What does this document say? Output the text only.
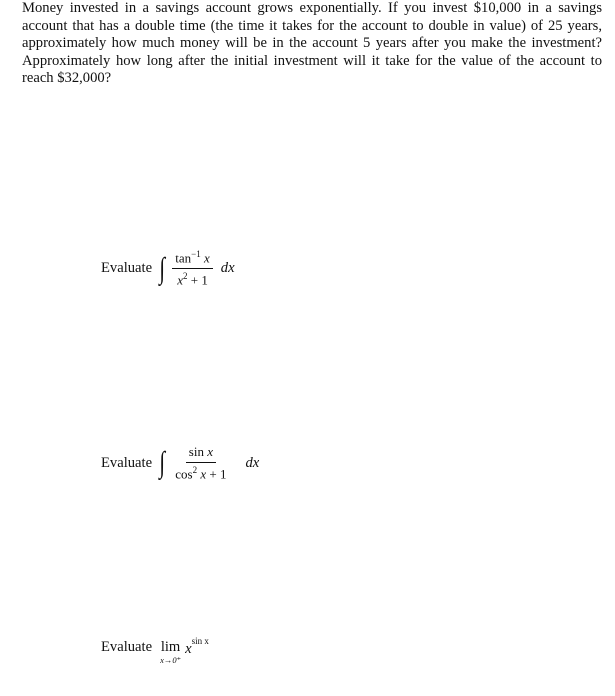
Money invested in a savings account grows exponentially. If you invest $10,000 in a savings account that has a double time (the time it takes for the account to double in value) of 25 years, approximately how much money will be in the account 5 years after you make the investment? Approximately how long after the initial investment will it take for the value of the account to reach $32,000?
Evaluate ∫ $\frac{\tan^{-1} x}{x^2 + 1}$ dx
Evaluate ∫ $\frac{\text{sin x}}{\cos^2 x + 1}$ dx
Evaluate lim
x→0⁺
$x^{sin x}$
